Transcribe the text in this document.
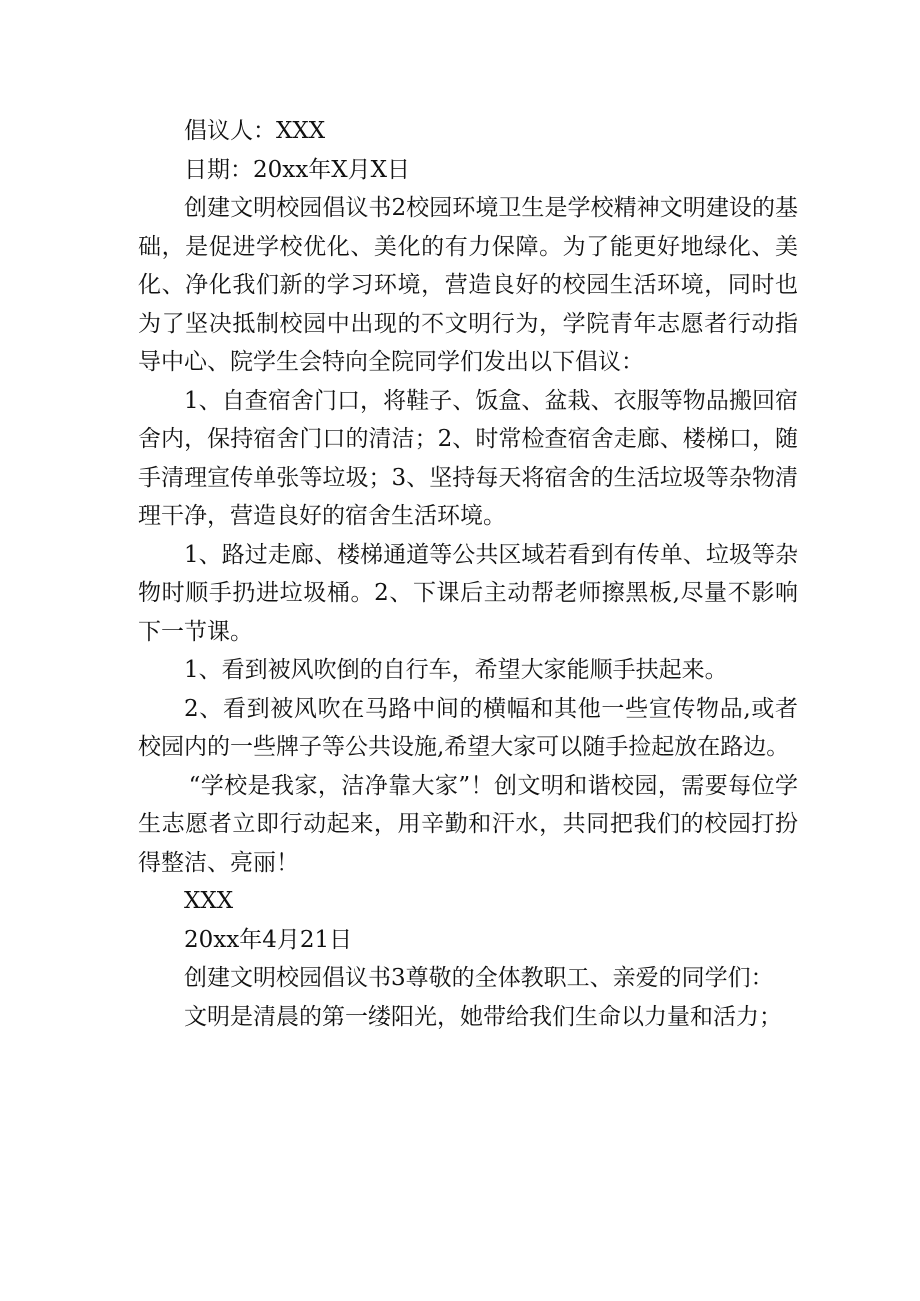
倡议人：XXX

日期：20xx年X月X日

创建文明校园倡议书2校园环境卫生是学校精神文明建设的基础，是促进学校优化、美化的有力保障。为了能更好地绿化、美化、净化我们新的学习环境，营造良好的校园生活环境，同时也为了坚决抵制校园中出现的不文明行为，学院青年志愿者行动指导中心、院学生会特向全院同学们发出以下倡议：

1、自查宿舍门口，将鞋子、饭盒、盆栽、衣服等物品搬回宿舍内，保持宿舍门口的清洁；2、时常检查宿舍走廊、楼梯口，随手清理宣传单张等垃圾；3、坚持每天将宿舍的生活垃圾等杂物清理干净，营造良好的宿舍生活环境。

1、路过走廊、楼梯通道等公共区域若看到有传单、垃圾等杂物时顺手扔进垃圾桶。2、下课后主动帮老师擦黑板,尽量不影响下一节课。

1、看到被风吹倒的自行车，希望大家能顺手扶起来。

2、看到被风吹在马路中间的横幅和其他一些宣传物品,或者校园内的一些牌子等公共设施,希望大家可以随手捡起放在路边。

“学校是我家，洁净靠大家”！创文明和谐校园，需要每位学生志愿者立即行动起来，用辛勤和汗水，共同把我们的校园打扮得整洁、亮丽！

XXX

20xx年4月21日

创建文明校园倡议书3尊敬的全体教职工、亲爱的同学们：

文明是清晨的第一缕阳光，她带给我们生命以力量和活力；
